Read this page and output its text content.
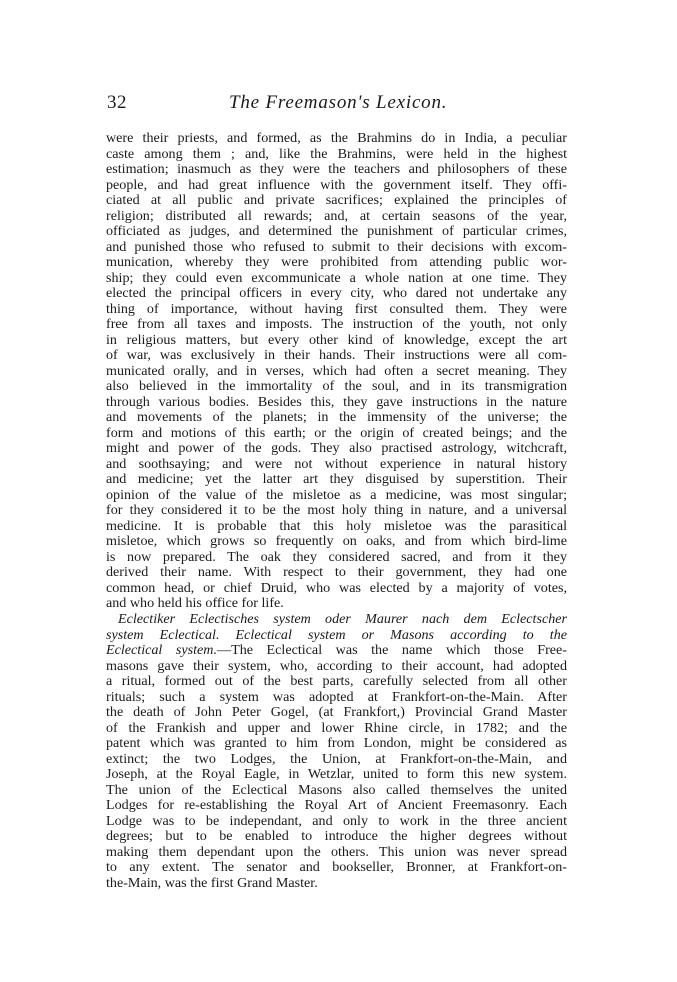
32	The Freemason's Lexicon.
were their priests, and formed, as the Brahmins do in India, a peculiar
caste among them ; and, like the Brahmins, were held in the highest
estimation; inasmuch as they were the teachers and philosophers of these
people, and had great influence with the government itself. They offi-
ciated at all public and private sacrifices; explained the principles of
religion; distributed all rewards; and, at certain seasons of the year,
officiated as judges, and determined the punishment of particular crimes,
and punished those who refused to submit to their decisions with excom-
munication, whereby they were prohibited from attending public wor-
ship; they could even excommunicate a whole nation at one time. They
elected the principal officers in every city, who dared not undertake any
thing of importance, without having first consulted them. They were
free from all taxes and imposts. The instruction of the youth, not only
in religious matters, but every other kind of knowledge, except the art
of war, was exclusively in their hands. Their instructions were all com-
municated orally, and in verses, which had often a secret meaning. They
also believed in the immortality of the soul, and in its transmigration
through various bodies. Besides this, they gave instructions in the nature
and movements of the planets; in the immensity of the universe; the
form and motions of this earth; or the origin of created beings; and the
might and power of the gods. They also practised astrology, witchcraft,
and soothsaying; and were not without experience in natural history
and medicine; yet the latter art they disguised by superstition. Their
opinion of the value of the misletoe as a medicine, was most singular;
for they considered it to be the most holy thing in nature, and a universal
medicine. It is probable that this holy misletoe was the parasitical
misletoe, which grows so frequently on oaks, and from which bird-lime
is now prepared. The oak they considered sacred, and from it they
derived their name. With respect to their government, they had one
common head, or chief Druid, who was elected by a majority of votes,
and who held his office for life.
Eclectiker Eclectisches system oder Maurer nach dem Eclectscher
system Eclectical. Eclectical system or Masons according to the
Eclectical system.—The Eclectical was the name which those Free-
masons gave their system, who, according to their account, had adopted
a ritual, formed out of the best parts, carefully selected from all other
rituals; such a system was adopted at Frankfort-on-the-Main. After
the death of John Peter Gogel, (at Frankfort,) Provincial Grand Master
of the Frankish and upper and lower Rhine circle, in 1782; and the
patent which was granted to him from London, might be considered as
extinct; the two Lodges, the Union, at Frankfort-on-the-Main, and
Joseph, at the Royal Eagle, in Wetzlar, united to form this new system.
The union of the Eclectical Masons also called themselves the united
Lodges for re-establishing the Royal Art of Ancient Freemasonry. Each
Lodge was to be independant, and only to work in the three ancient
degrees; but to be enabled to introduce the higher degrees without
making them dependant upon the others. This union was never spread
to any extent. The senator and bookseller, Bronner, at Frankfort-on-
the-Main, was the first Grand Master.
